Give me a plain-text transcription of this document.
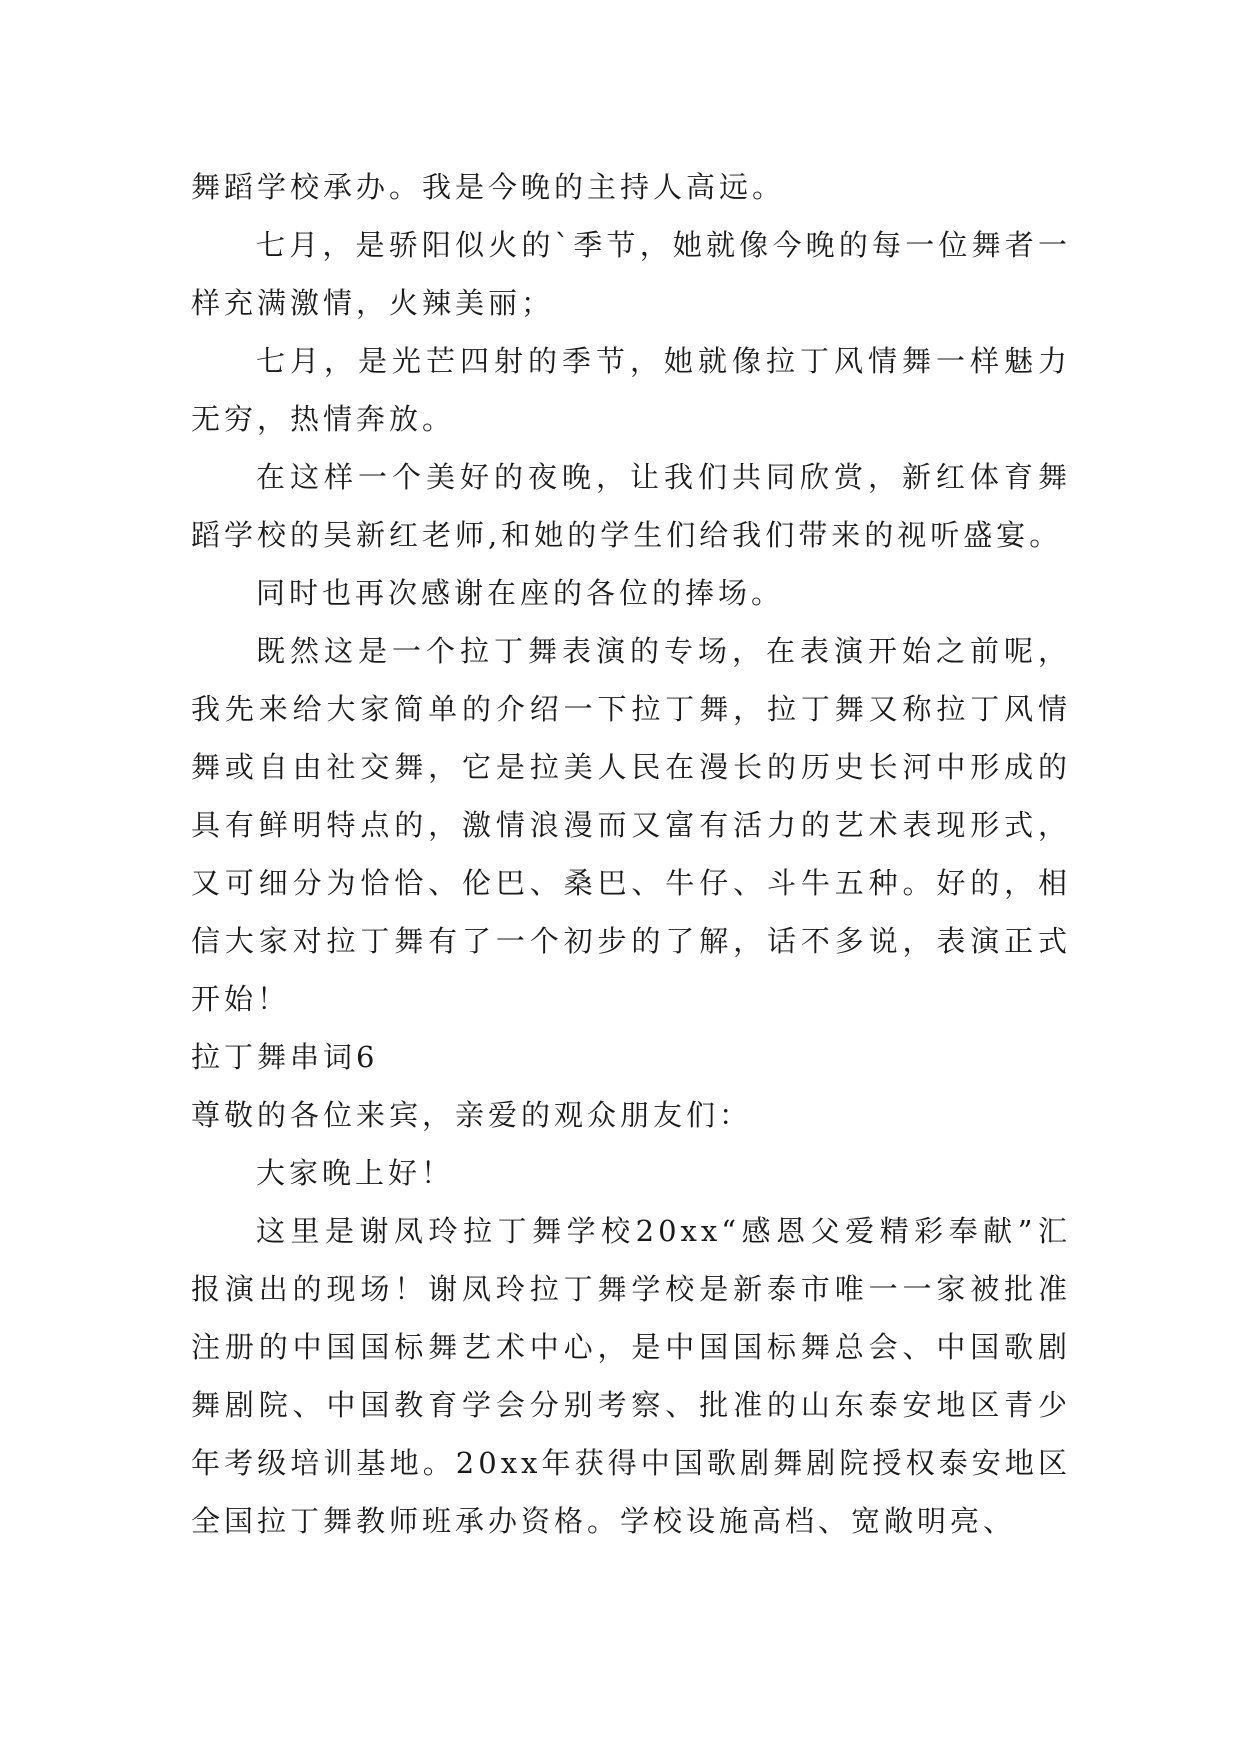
舞蹈学校承办。我是今晚的主持人高远。

七月，是骄阳似火的`季节，她就像今晚的每一位舞者一样充满激情，火辣美丽；

七月，是光芒四射的季节，她就像拉丁风情舞一样魅力无穷，热情奔放。

在这样一个美好的夜晚，让我们共同欣赏，新红体育舞蹈学校的吴新红老师,和她的学生们给我们带来的视听盛宴。

同时也再次感谢在座的各位的捧场。

既然这是一个拉丁舞表演的专场，在表演开始之前呢，我先来给大家简单的介绍一下拉丁舞，拉丁舞又称拉丁风情舞或自由社交舞，它是拉美人民在漫长的历史长河中形成的具有鲜明特点的，激情浪漫而又富有活力的艺术表现形式，又可细分为恰恰、伦巴、桑巴、牛仔、斗牛五种。好的，相信大家对拉丁舞有了一个初步的了解，话不多说，表演正式开始！

拉丁舞串词6

尊敬的各位来宾，亲爱的观众朋友们：

大家晚上好！

这里是谢凤玲拉丁舞学校20xx“感恩父爱精彩奉献”汇报演出的现场！谢凤玲拉丁舞学校是新泰市唯一一家被批准注册的中国国标舞艺术中心，是中国国标舞总会、中国歌剧舞剧院、中国教育学会分别考察、批准的山东泰安地区青少年考级培训基地。20xx年获得中国歌剧舞剧院授权泰安地区全国拉丁舞教师班承办资格。学校设施高档、宽敞明亮、
